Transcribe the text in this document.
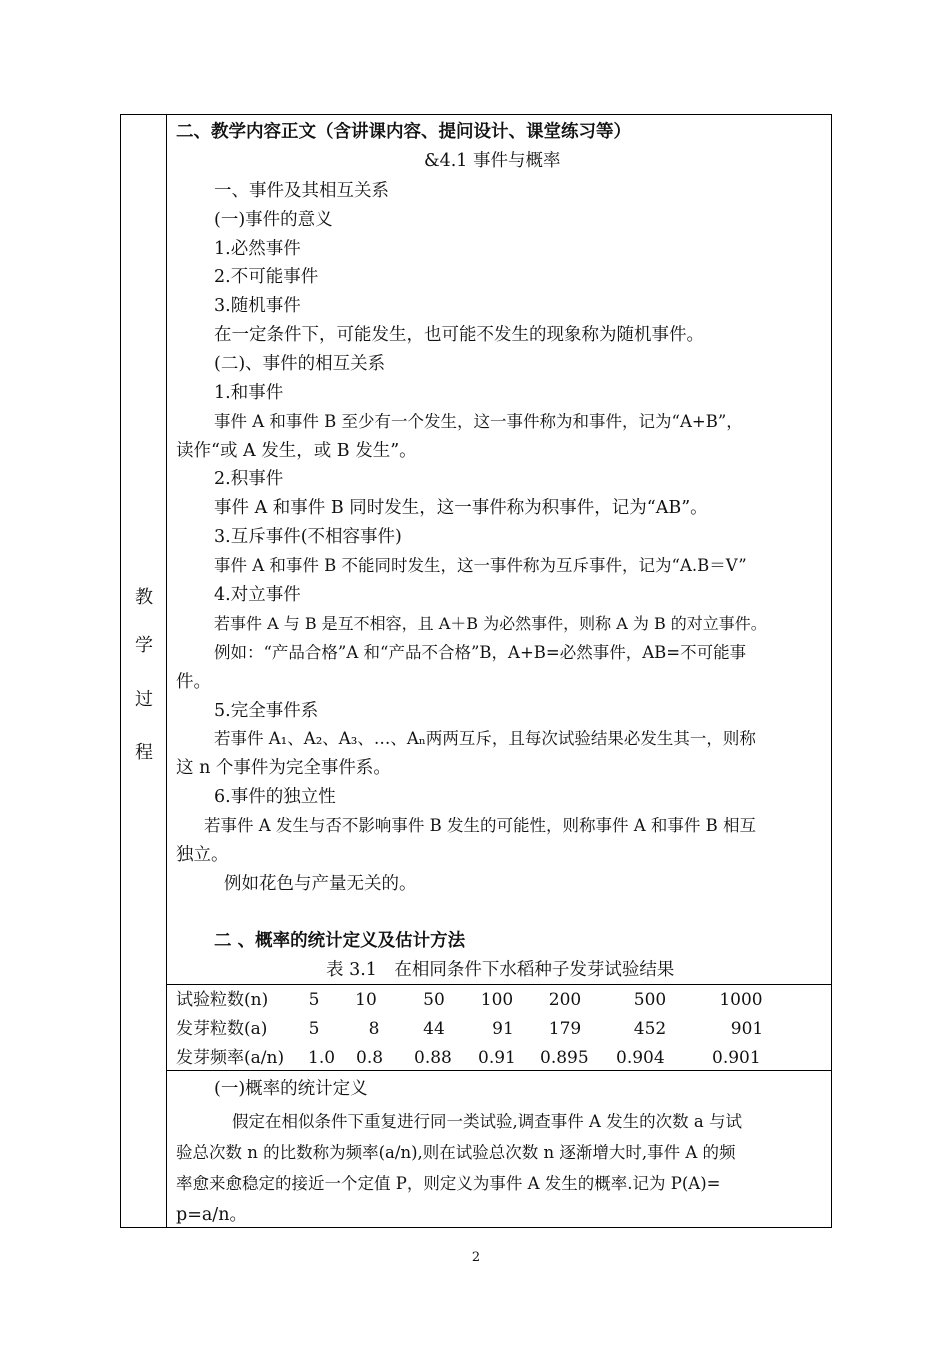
教
学
过
程
二、教学内容正文（含讲课内容、提问设计、课堂练习等）
&4.1 事件与概率
一、事件及其相互关系
(一)事件的意义
1.必然事件
2.不可能事件
3.随机事件
在一定条件下，可能发生，也可能不发生的现象称为随机事件。
(二)、事件的相互关系
1.和事件
事件 A 和事件 B 至少有一个发生，这一事件称为和事件，记为“A+B”，
读作“或 A 发生，或 B 发生”。
2.积事件
事件 A 和事件 B 同时发生，这一事件称为积事件，记为“AB”。
3.互斥事件(不相容事件)
事件 A 和事件 B 不能同时发生，这一事件称为互斥事件，记为“A.B＝V”
4.对立事件
若事件 A 与 B 是互不相容，且 A＋B 为必然事件，则称 A 为 B 的对立事件。
例如：“产品合格”A 和“产品不合格”B，A+B=必然事件，AB=不可能事
件。
5.完全事件系
若事件 A₁、A₂、A₃、…、Aₙ两两互斥，且每次试验结果必发生其一，则称
这 n 个事件为完全事件系。
6.事件的独立性
若事件 A 发生与否不影响事件 B 发生的可能性，则称事件 A 和事件 B 相互
独立。
例如花色与产量无关的。
二 、概率的统计定义及估计方法
表 3.1　在相同条件下水稻种子发芽试验结果
试验粒数(n)	5	10	50	100	200	500	1000
发芽粒数(a)	5	8	44	91	179	452	901
发芽频率(a/n) 1.0 0.8 0.88 0.91 0.895 0.904	0.901
(一)概率的统计定义
假定在相似条件下重复进行同一类试验,调查事件 A 发生的次数 a 与试
验总次数 n 的比数称为频率(a/n),则在试验总次数 n 逐渐增大时,事件 A 的频
率愈来愈稳定的接近一个定值 P，则定义为事件 A 发生的概率.记为 P(A)=
p=a/n。
2
